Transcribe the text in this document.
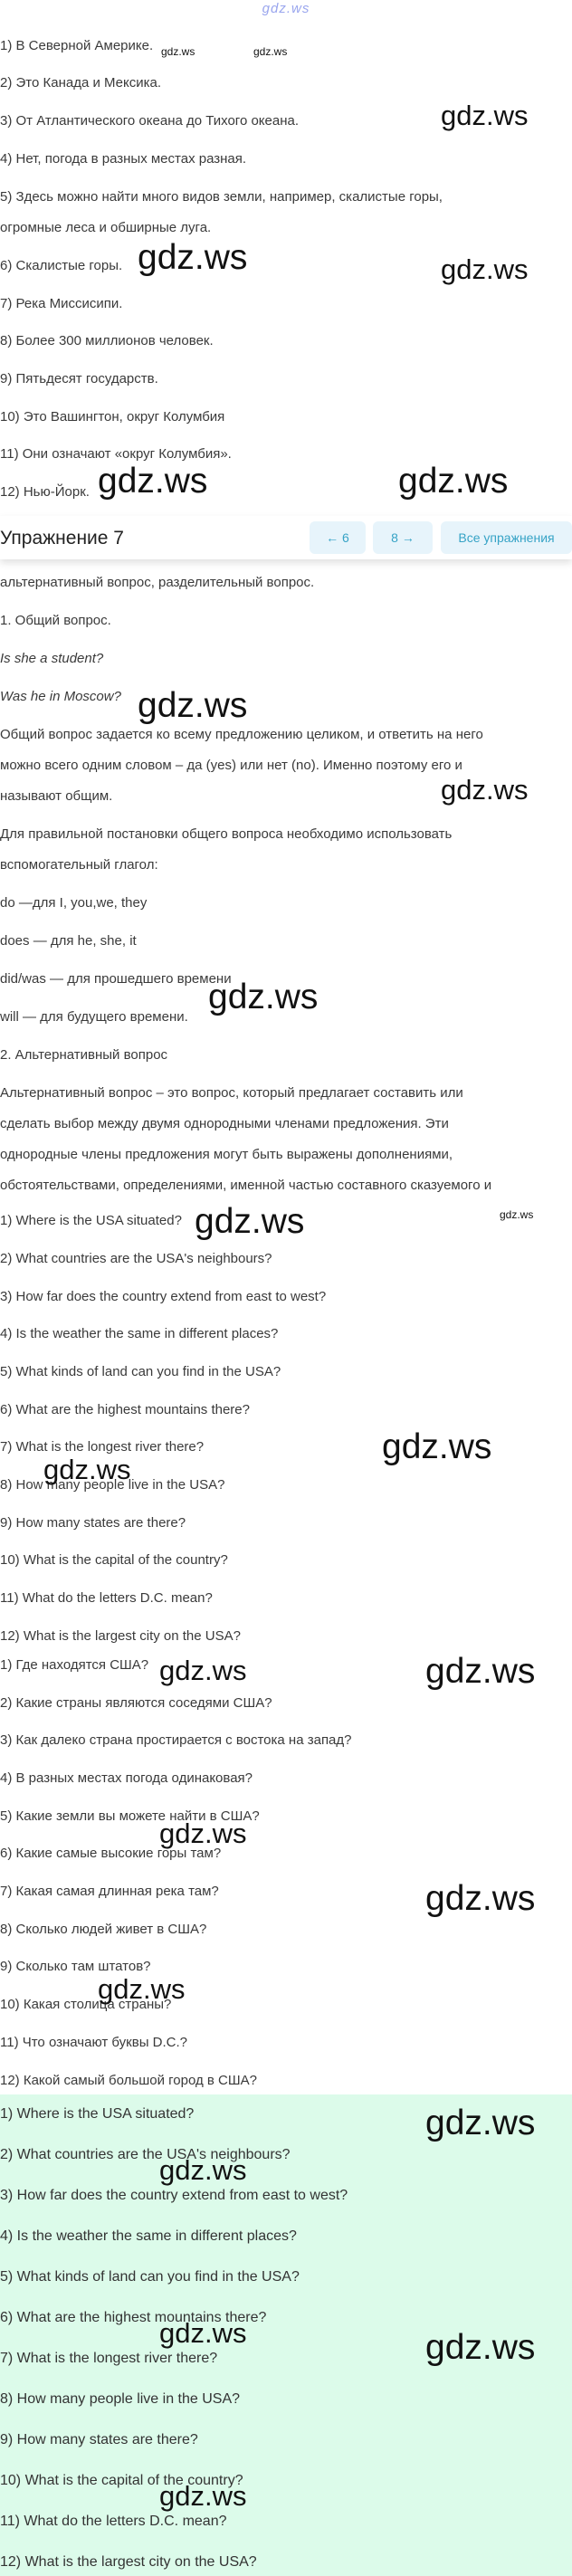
gdz.ws

1) В Северной Америке.

2) Это Канада и Мексика.

3) От Атлантического океана до Тихого океана.

4) Нет, погода в разных местах разная.

5) Здесь можно найти много видов земли, например, скалистые горы,

огромные леса и обширные луга.

6) Скалистые горы.

7) Река Миссисипи.

8) Более 300 миллионов человек.

9) Пятьдесят государств.

10) Это Вашингтон, округ Колумбия

11) Они означают «округ Колумбия».

12) Нью-Йорк.

Упражнение 7	← 6	8 →	Все упражнения

альтернативный вопрос, разделительный вопрос.

1. Общий вопрос.

Is she a student?

Was he in Moscow?

Общий вопрос задается ко всему предложению целиком, и ответить на него

можно всего одним словом – да (yes) или нет (no). Именно поэтому его и

называют общим.

Для правильной постановки общего вопроса необходимо использовать

вспомогательный глагол:

do —для I, you,we, they

does — для he, she, it

did/was — для прошедшего времени

will — для будущего времени.

2. Альтернативный вопрос

Альтернативный вопрос – это вопрос, который предлагает составить или

сделать выбор между двумя однородными членами предложения. Эти

однородные члены предложения могут быть выражены дополнениями,

обстоятельствами, определениями, именной частью составного сказуемого и

1) Where is the USA situated?

2) What countries are the USA's neighbours?

3) How far does the country extend from east to west?

4) Is the weather the same in different places?

5) What kinds of land can you find in the USA?

6) What are the highest mountains there?

7) What is the longest river there?

8) How many people live in the USA?

9) How many states are there?

10) What is the capital of the country?

11) What do the letters D.C. mean?

12) What is the largest city on the USA?

1) Где находятся США?

2) Какие страны являются соседями США?

3) Как далеко страна простирается с востока на запад?

4) В разных местах погода одинаковая?

5) Какие земли вы можете найти в США?

6) Какие самые высокие горы там?

7) Какая самая длинная река там?

8) Сколько людей живет в США?

9) Сколько там штатов?

10) Какая столица страны?

11) Что означают буквы D.C.?

12) Какой самый большой город в США?

1) Where is the USA situated?

2) What countries are the USA's neighbours?

3) How far does the country extend from east to west?

4) Is the weather the same in different places?

5) What kinds of land can you find in the USA?

6) What are the highest mountains there?

7) What is the longest river there?

8) How many people live in the USA?

9) How many states are there?

10) What is the capital of the country?

11) What do the letters D.C. mean?

12) What is the largest city on the USA?

gdz.ws	gdz.ws
gdz.ws
gdz.ws	gdz.ws
gdz.ws	gdz.ws
gdz.ws
gdz.ws
gdz.ws
gdz.ws	gdz.ws
gdz.ws
gdz.ws
gdz.ws
gdz.ws
gdz.ws
gdz.ws
gdz.ws
gdz.ws
gdz.ws
gdz.ws	gdz.ws
gdz.ws
